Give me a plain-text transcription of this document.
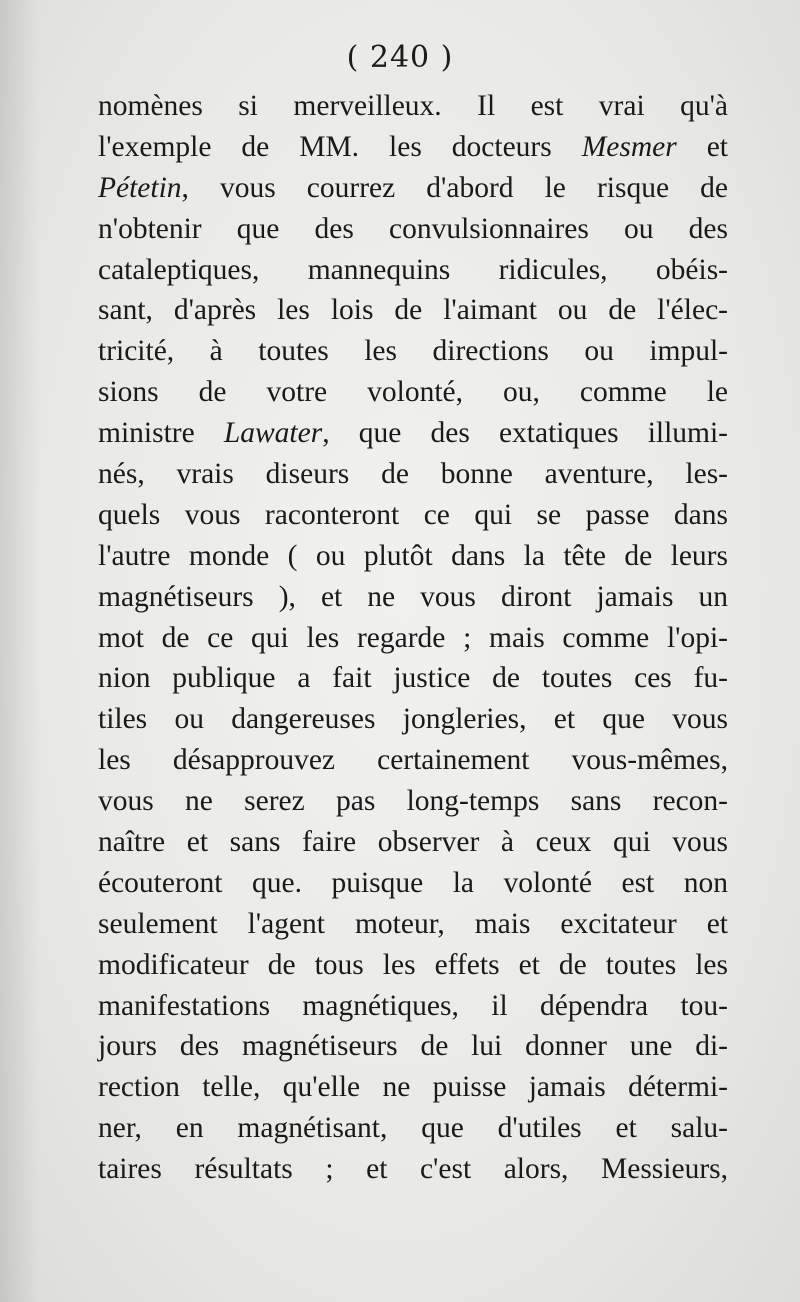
( 240 )

nomènes si merveilleux. Il est vrai qu'à
l'exemple de MM. les docteurs Mesmer et
Pétetin, vous courrez d'abord le risque de
n'obtenir que des convulsionnaires ou des
cataleptiques, mannequins ridicules, obéis-
sant, d'après les lois de l'aimant ou de l'élec-
tricité, à toutes les directions ou impul-
sions de votre volonté, ou, comme le
ministre Lawater, que des extatiques illumi-
nés, vrais diseurs de bonne aventure, les-
quels vous raconteront ce qui se passe dans
l'autre monde ( ou plutôt dans la tête de leurs
magnétiseurs ), et ne vous diront jamais un
mot de ce qui les regarde ; mais comme l'opi-
nion publique a fait justice de toutes ces fu-
tiles ou dangereuses jongleries, et que vous
les désapprouvez certainement vous-mêmes,
vous ne serez pas long-temps sans recon-
naître et sans faire observer à ceux qui vous
écouteront que. puisque la volonté est non
seulement l'agent moteur, mais excitateur et
modificateur de tous les effets et de toutes les
manifestations magnétiques, il dépendra tou-
jours des magnétiseurs de lui donner une di-
rection telle, qu'elle ne puisse jamais détermi-
ner, en magnétisant, que d'utiles et salu-
taires résultats ; et c'est alors, Messieurs,
